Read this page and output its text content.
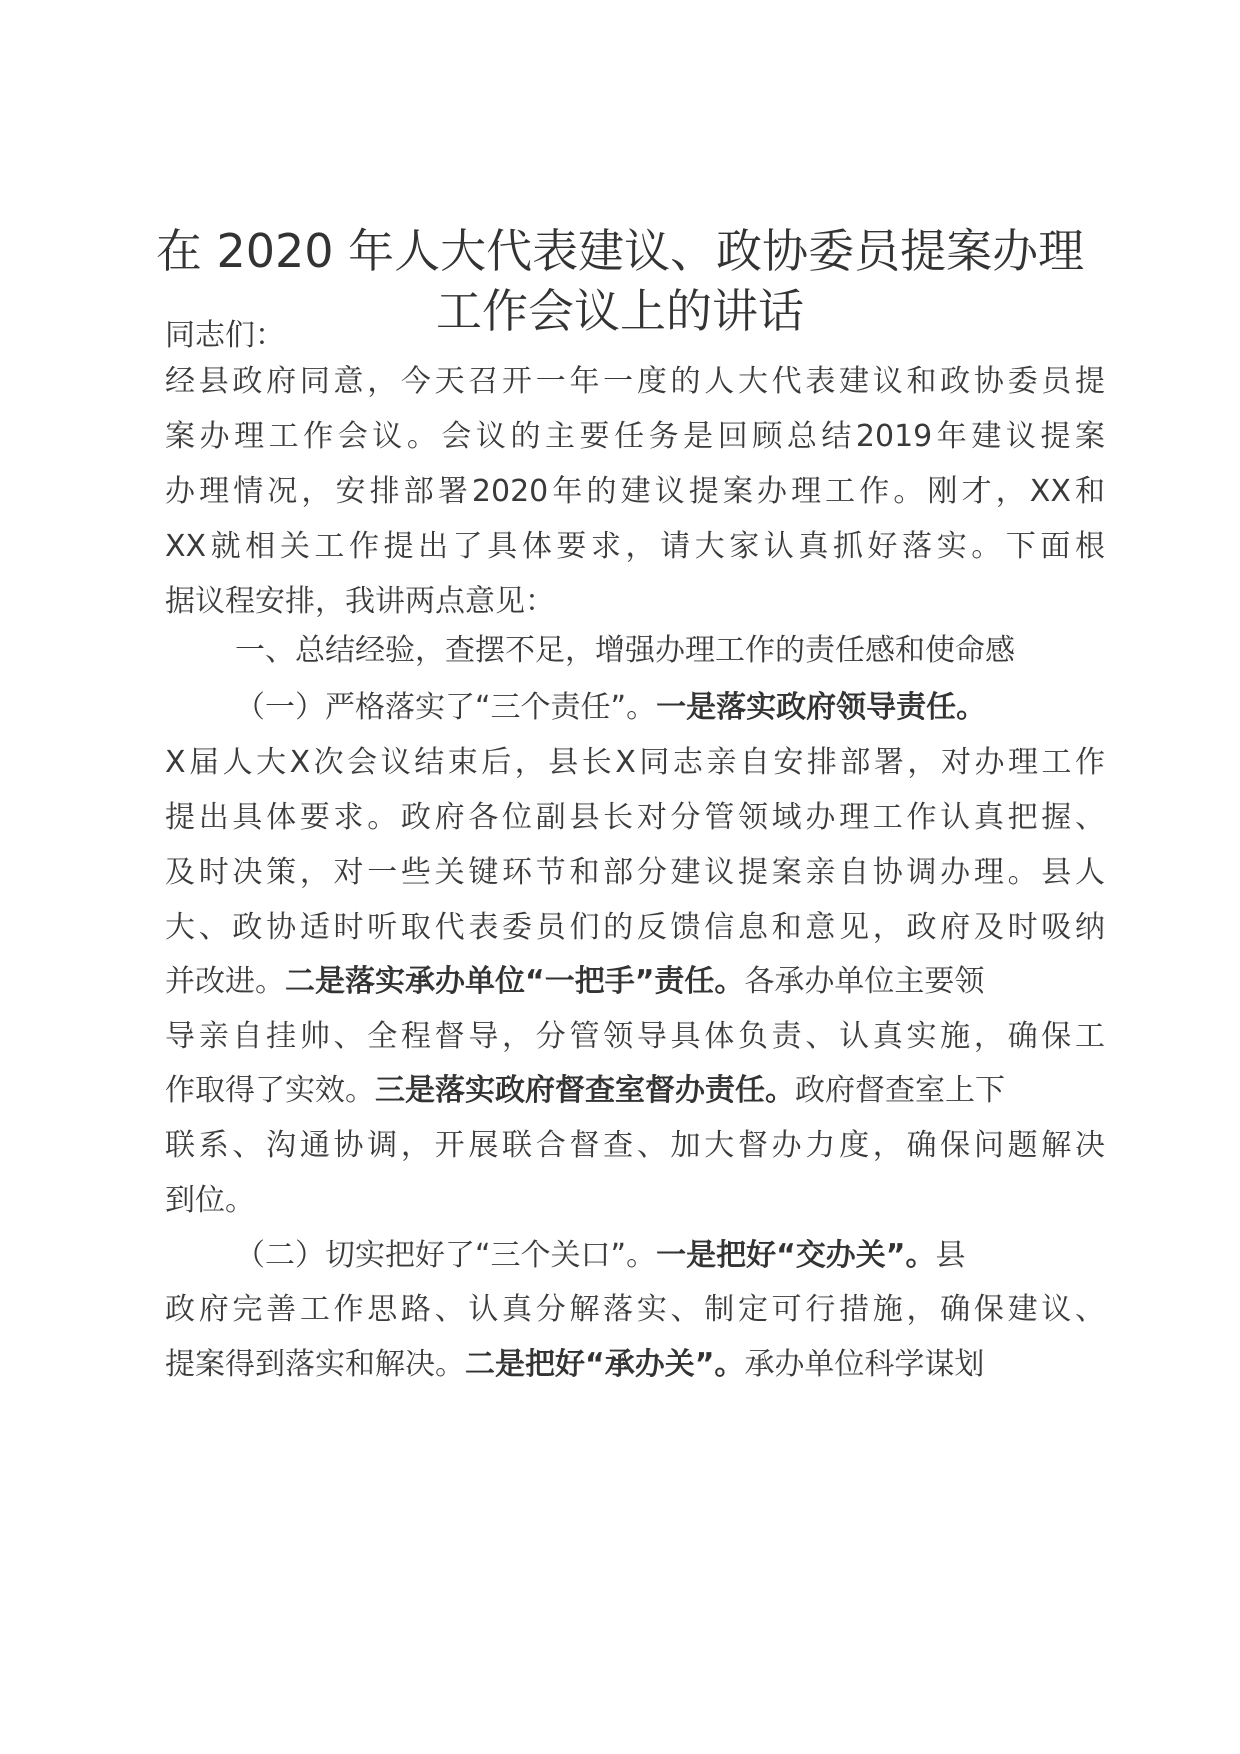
在 2020 年人大代表建议、政协委员提案办理
工作会议上的讲话
同志们：
经县政府同意，今天召开一年一度的人大代表建议和政协委员提
案办理工作会议。会议的主要任务是回顾总结2019年建议提案
办理情况，安排部署2020年的建议提案办理工作。刚才，XX和
XX就相关工作提出了具体要求，请大家认真抓好落实。下面根
据议程安排，我讲两点意见：
一、总结经验，查摆不足，增强办理工作的责任感和使命感
（一）严格落实了“三个责任”。一是落实政府领导责任。
X届人大X次会议结束后，县长X同志亲自安排部署，对办理工作
提出具体要求。政府各位副县长对分管领域办理工作认真把握、
及时决策，对一些关键环节和部分建议提案亲自协调办理。县人
大、政协适时听取代表委员们的反馈信息和意见，政府及时吸纳
并改进。二是落实承办单位“一把手”责任。各承办单位主要领
导亲自挂帅、全程督导，分管领导具体负责、认真实施，确保工
作取得了实效。三是落实政府督查室督办责任。政府督查室上下
联系、沟通协调，开展联合督查、加大督办力度，确保问题解决
到位。
（二）切实把好了“三个关口”。一是把好“交办关”。县
政府完善工作思路、认真分解落实、制定可行措施，确保建议、
提案得到落实和解决。二是把好“承办关”。承办单位科学谋划
